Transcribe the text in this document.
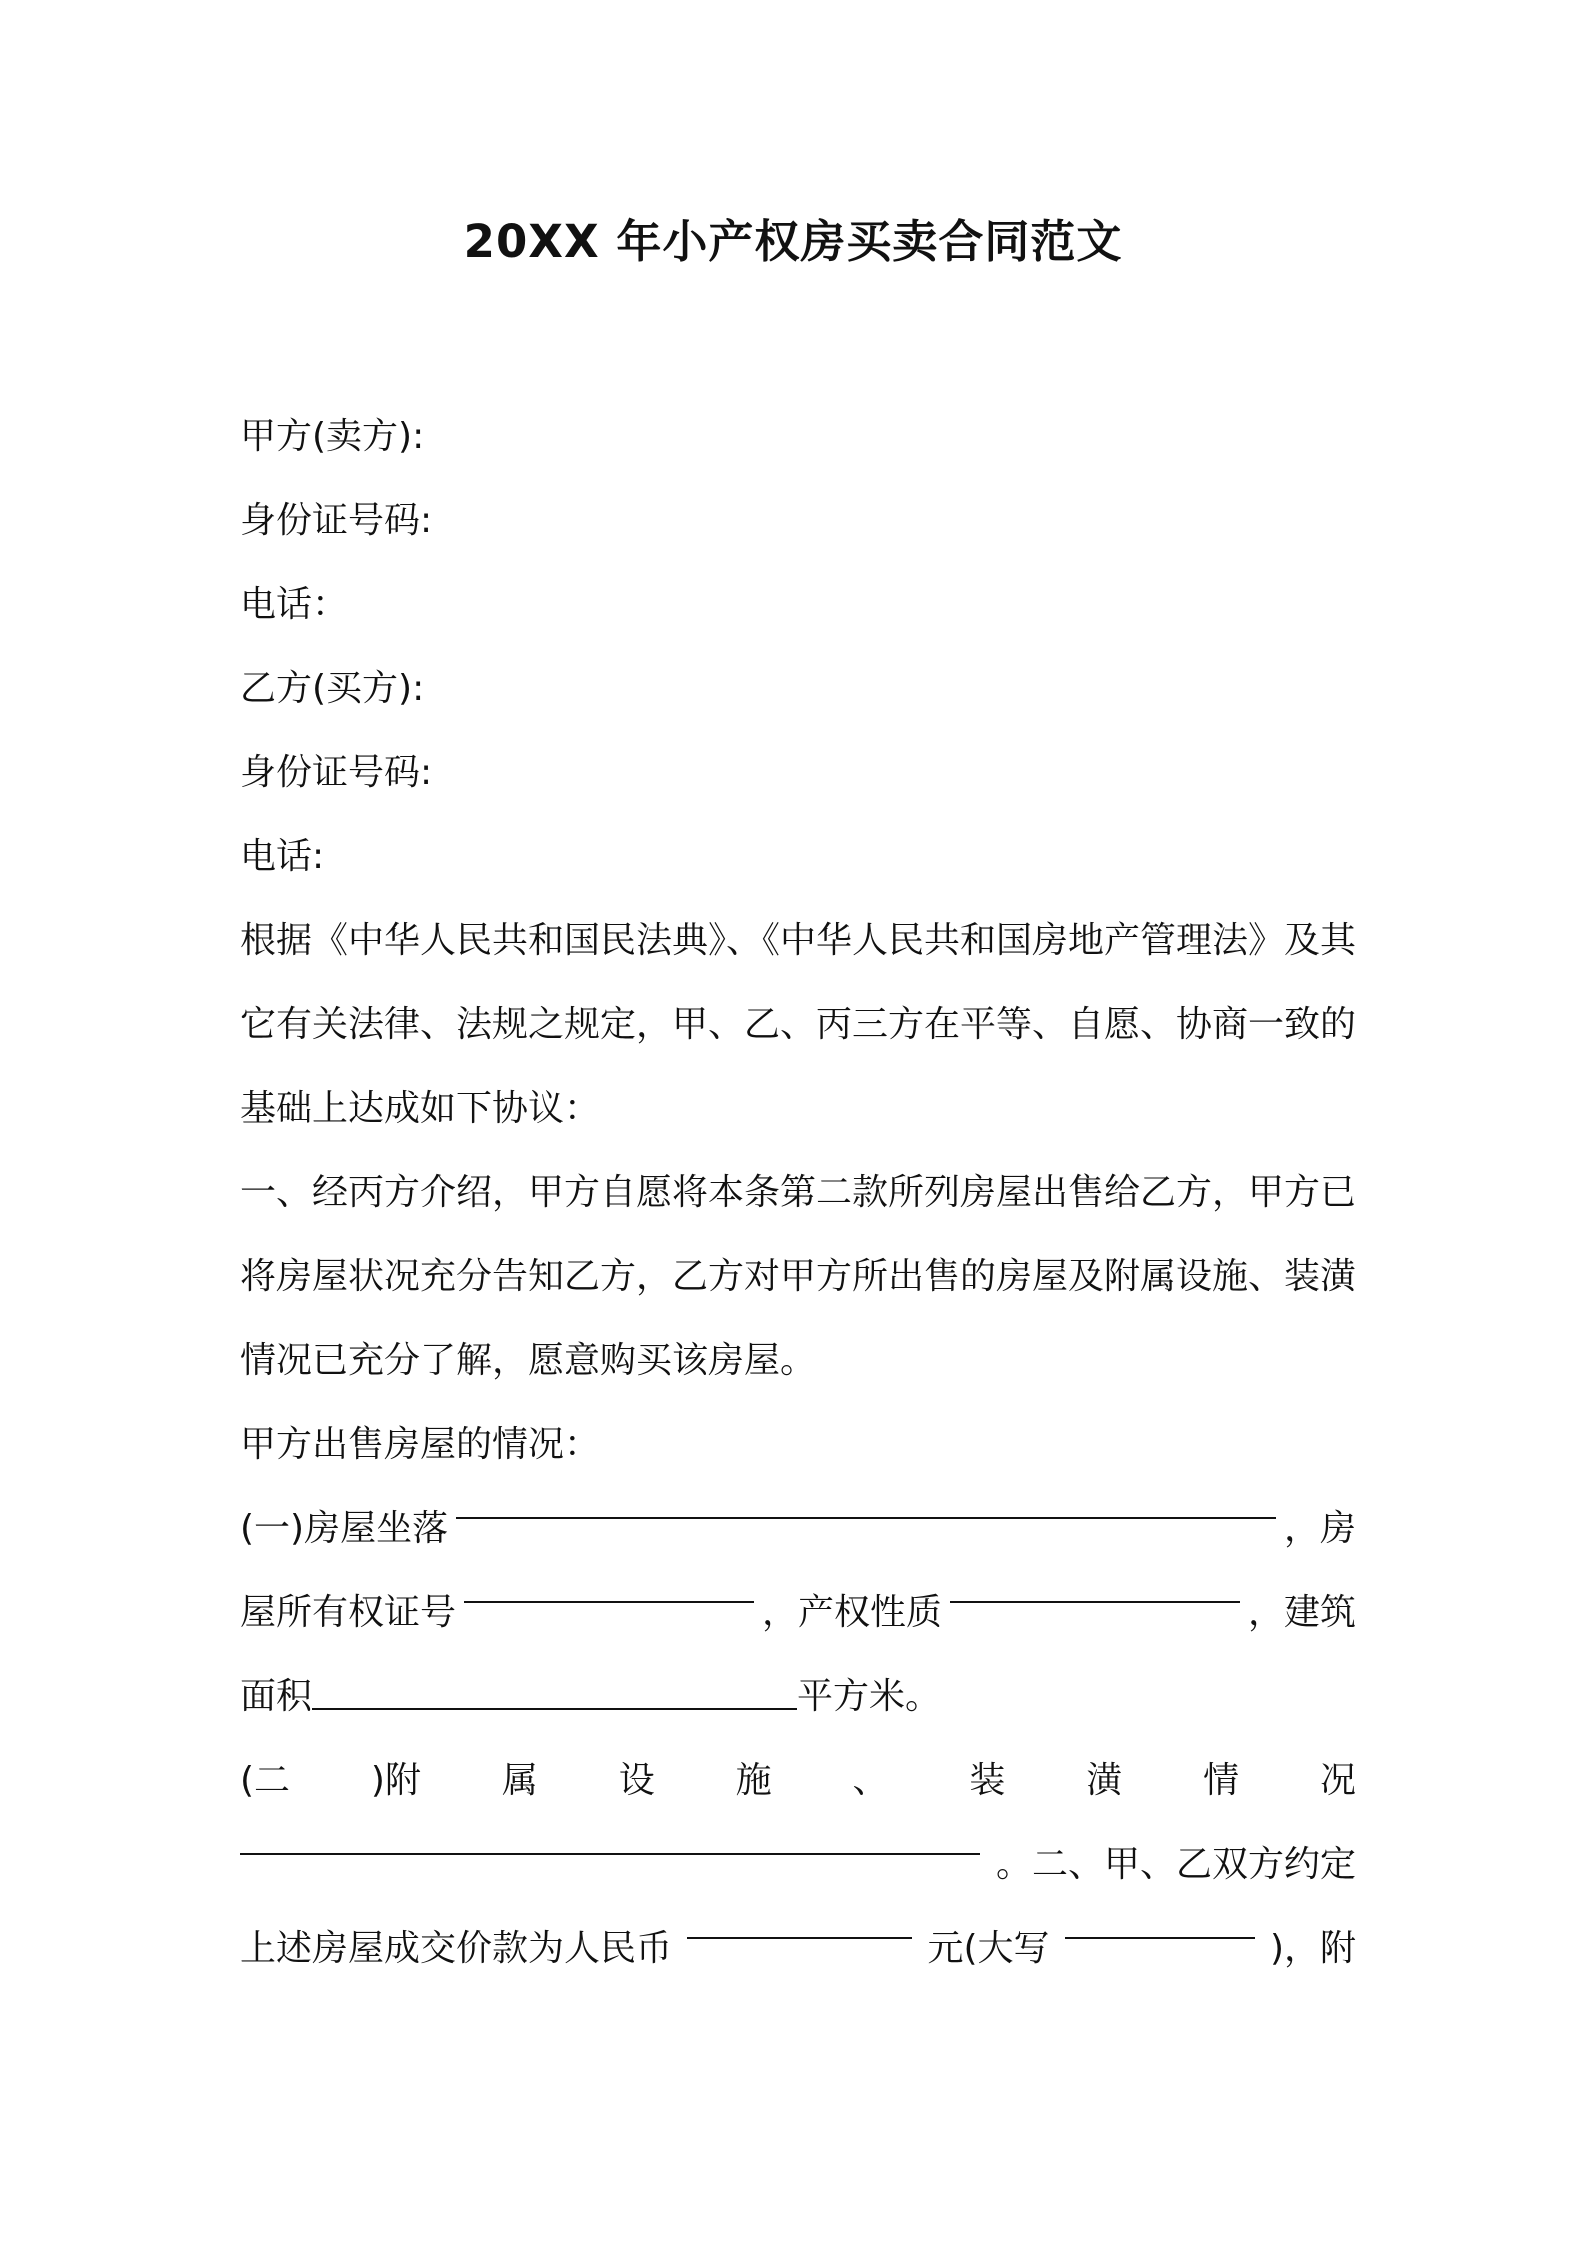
20XX 年小产权房买卖合同范文
甲方(卖方):
身份证号码:
电话：
乙方(买方):
身份证号码:
电话:
根据《中华人民共和国民法典》、《中华人民共和国房地产管理法》及其它有关法律、法规之规定，甲、乙、丙三方在平等、自愿、协商一致的基础上达成如下协议：
一、经丙方介绍，甲方自愿将本条第二款所列房屋出售给乙方，甲方已将房屋状况充分告知乙方，乙方对甲方所出售的房屋及附属设施、装潢情况已充分了解，愿意购买该房屋。
甲方出售房屋的情况：
(一)房屋坐落	，房
屋所有权证号	，产权性质	，建筑
面积	平方米。
(二 )附 属 设 施 、 装 潢 情 况
。二、甲、乙双方约定
上述房屋成交价款为人民币	元(大写	)，附
